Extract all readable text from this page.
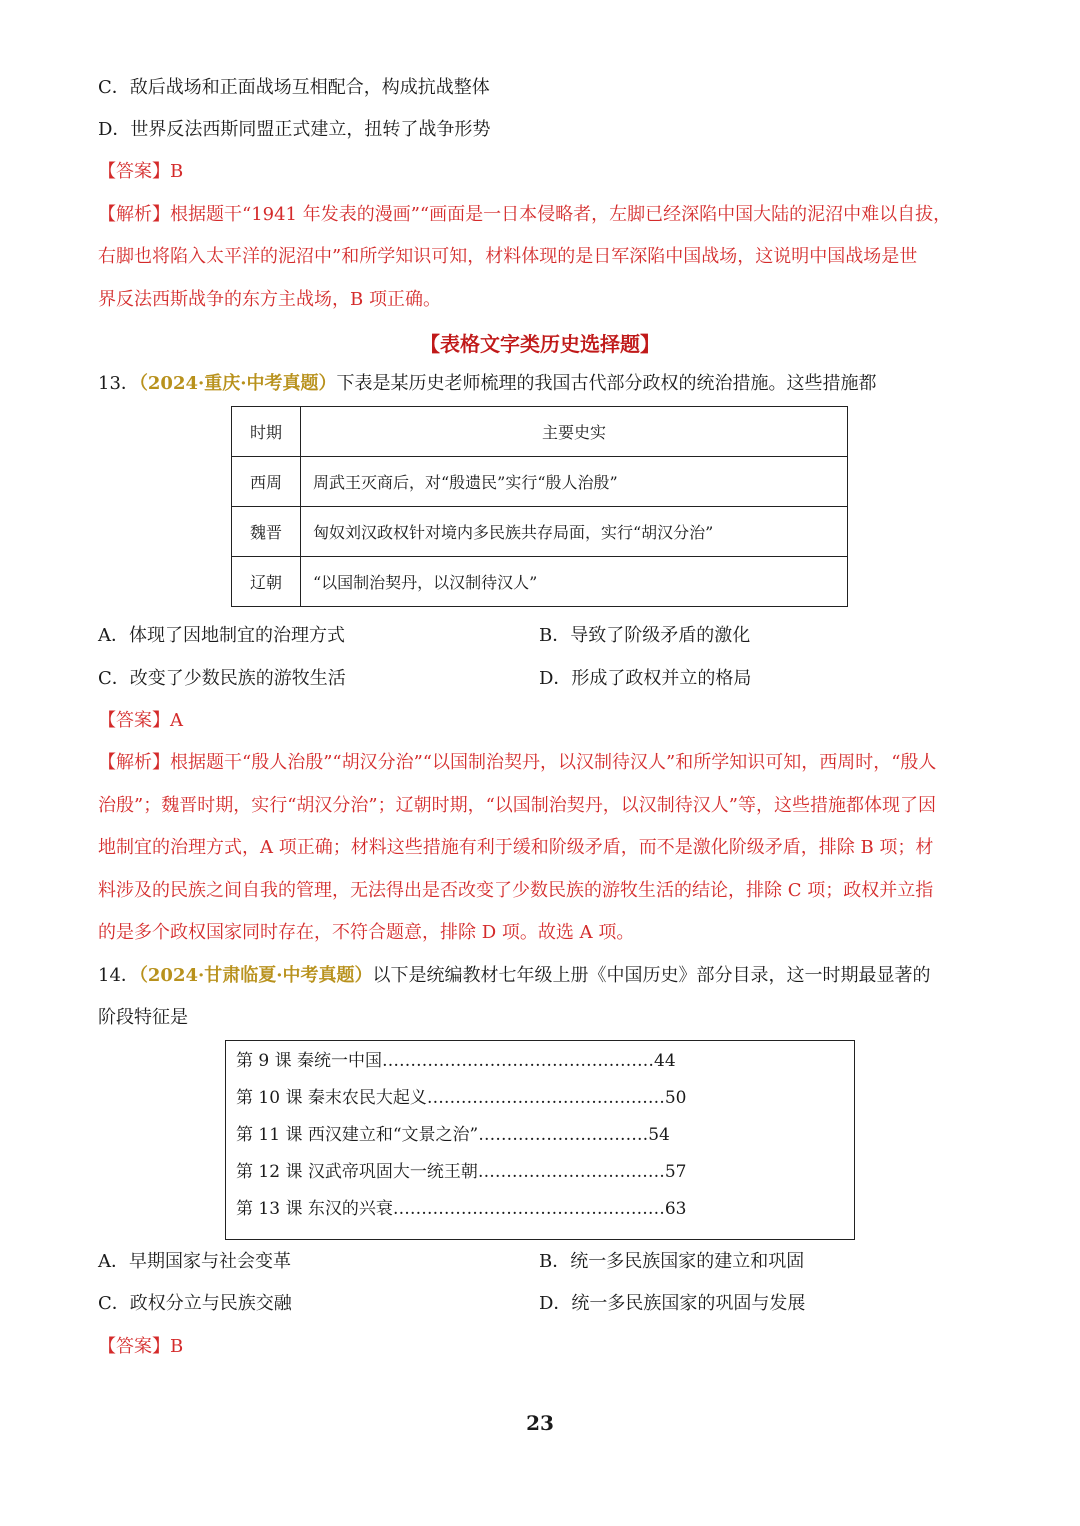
C．敌后战场和正面战场互相配合，构成抗战整体
D．世界反法西斯同盟正式建立，扭转了战争形势
【答案】B
【解析】根据题干“1941 年发表的漫画”“画面是一日本侵略者，左脚已经深陷中国大陆的泥沼中难以自拔，
右脚也将陷入太平洋的泥沼中”和所学知识可知，材料体现的是日军深陷中国战场，这说明中国战场是世
界反法西斯战争的东方主战场，B 项正确。
【表格文字类历史选择题】
13．（2024·重庆·中考真题）下表是某历史老师梳理的我国古代部分政权的统治措施。这些措施都
时期	主要史实
西周	周武王灭商后，对“殷遗民”实行“殷人治殷”
魏晋	匈奴刘汉政权针对境内多民族共存局面，实行“胡汉分治”
辽朝	“以国制治契丹，以汉制待汉人”
A．体现了因地制宜的治理方式	B．导致了阶级矛盾的激化
C．改变了少数民族的游牧生活	D．形成了政权并立的格局
【答案】A
【解析】根据题干“殷人治殷”“胡汉分治”“以国制治契丹，以汉制待汉人”和所学知识可知，西周时，“殷人
治殷”；魏晋时期，实行“胡汉分治”；辽朝时期，“以国制治契丹，以汉制待汉人”等，这些措施都体现了因
地制宜的治理方式，A 项正确；材料这些措施有利于缓和阶级矛盾，而不是激化阶级矛盾，排除 B 项；材
料涉及的民族之间自我的管理，无法得出是否改变了少数民族的游牧生活的结论，排除 C 项；政权并立指
的是多个政权国家同时存在，不符合题意，排除 D 项。故选 A 项。
14．（2024·甘肃临夏·中考真题）以下是统编教材七年级上册《中国历史》部分目录，这一时期最显著的
阶段特征是
第 9 课 秦统一中国…………………………………………44
第 10 课 秦末农民大起义……………………………………50
第 11 课 西汉建立和“文景之治”…………………………54
第 12 课 汉武帝巩固大一统王朝……………………………57
第 13 课 东汉的兴衰…………………………………………63
A．早期国家与社会变革	B．统一多民族国家的建立和巩固
C．政权分立与民族交融	D．统一多民族国家的巩固与发展
【答案】B
23
